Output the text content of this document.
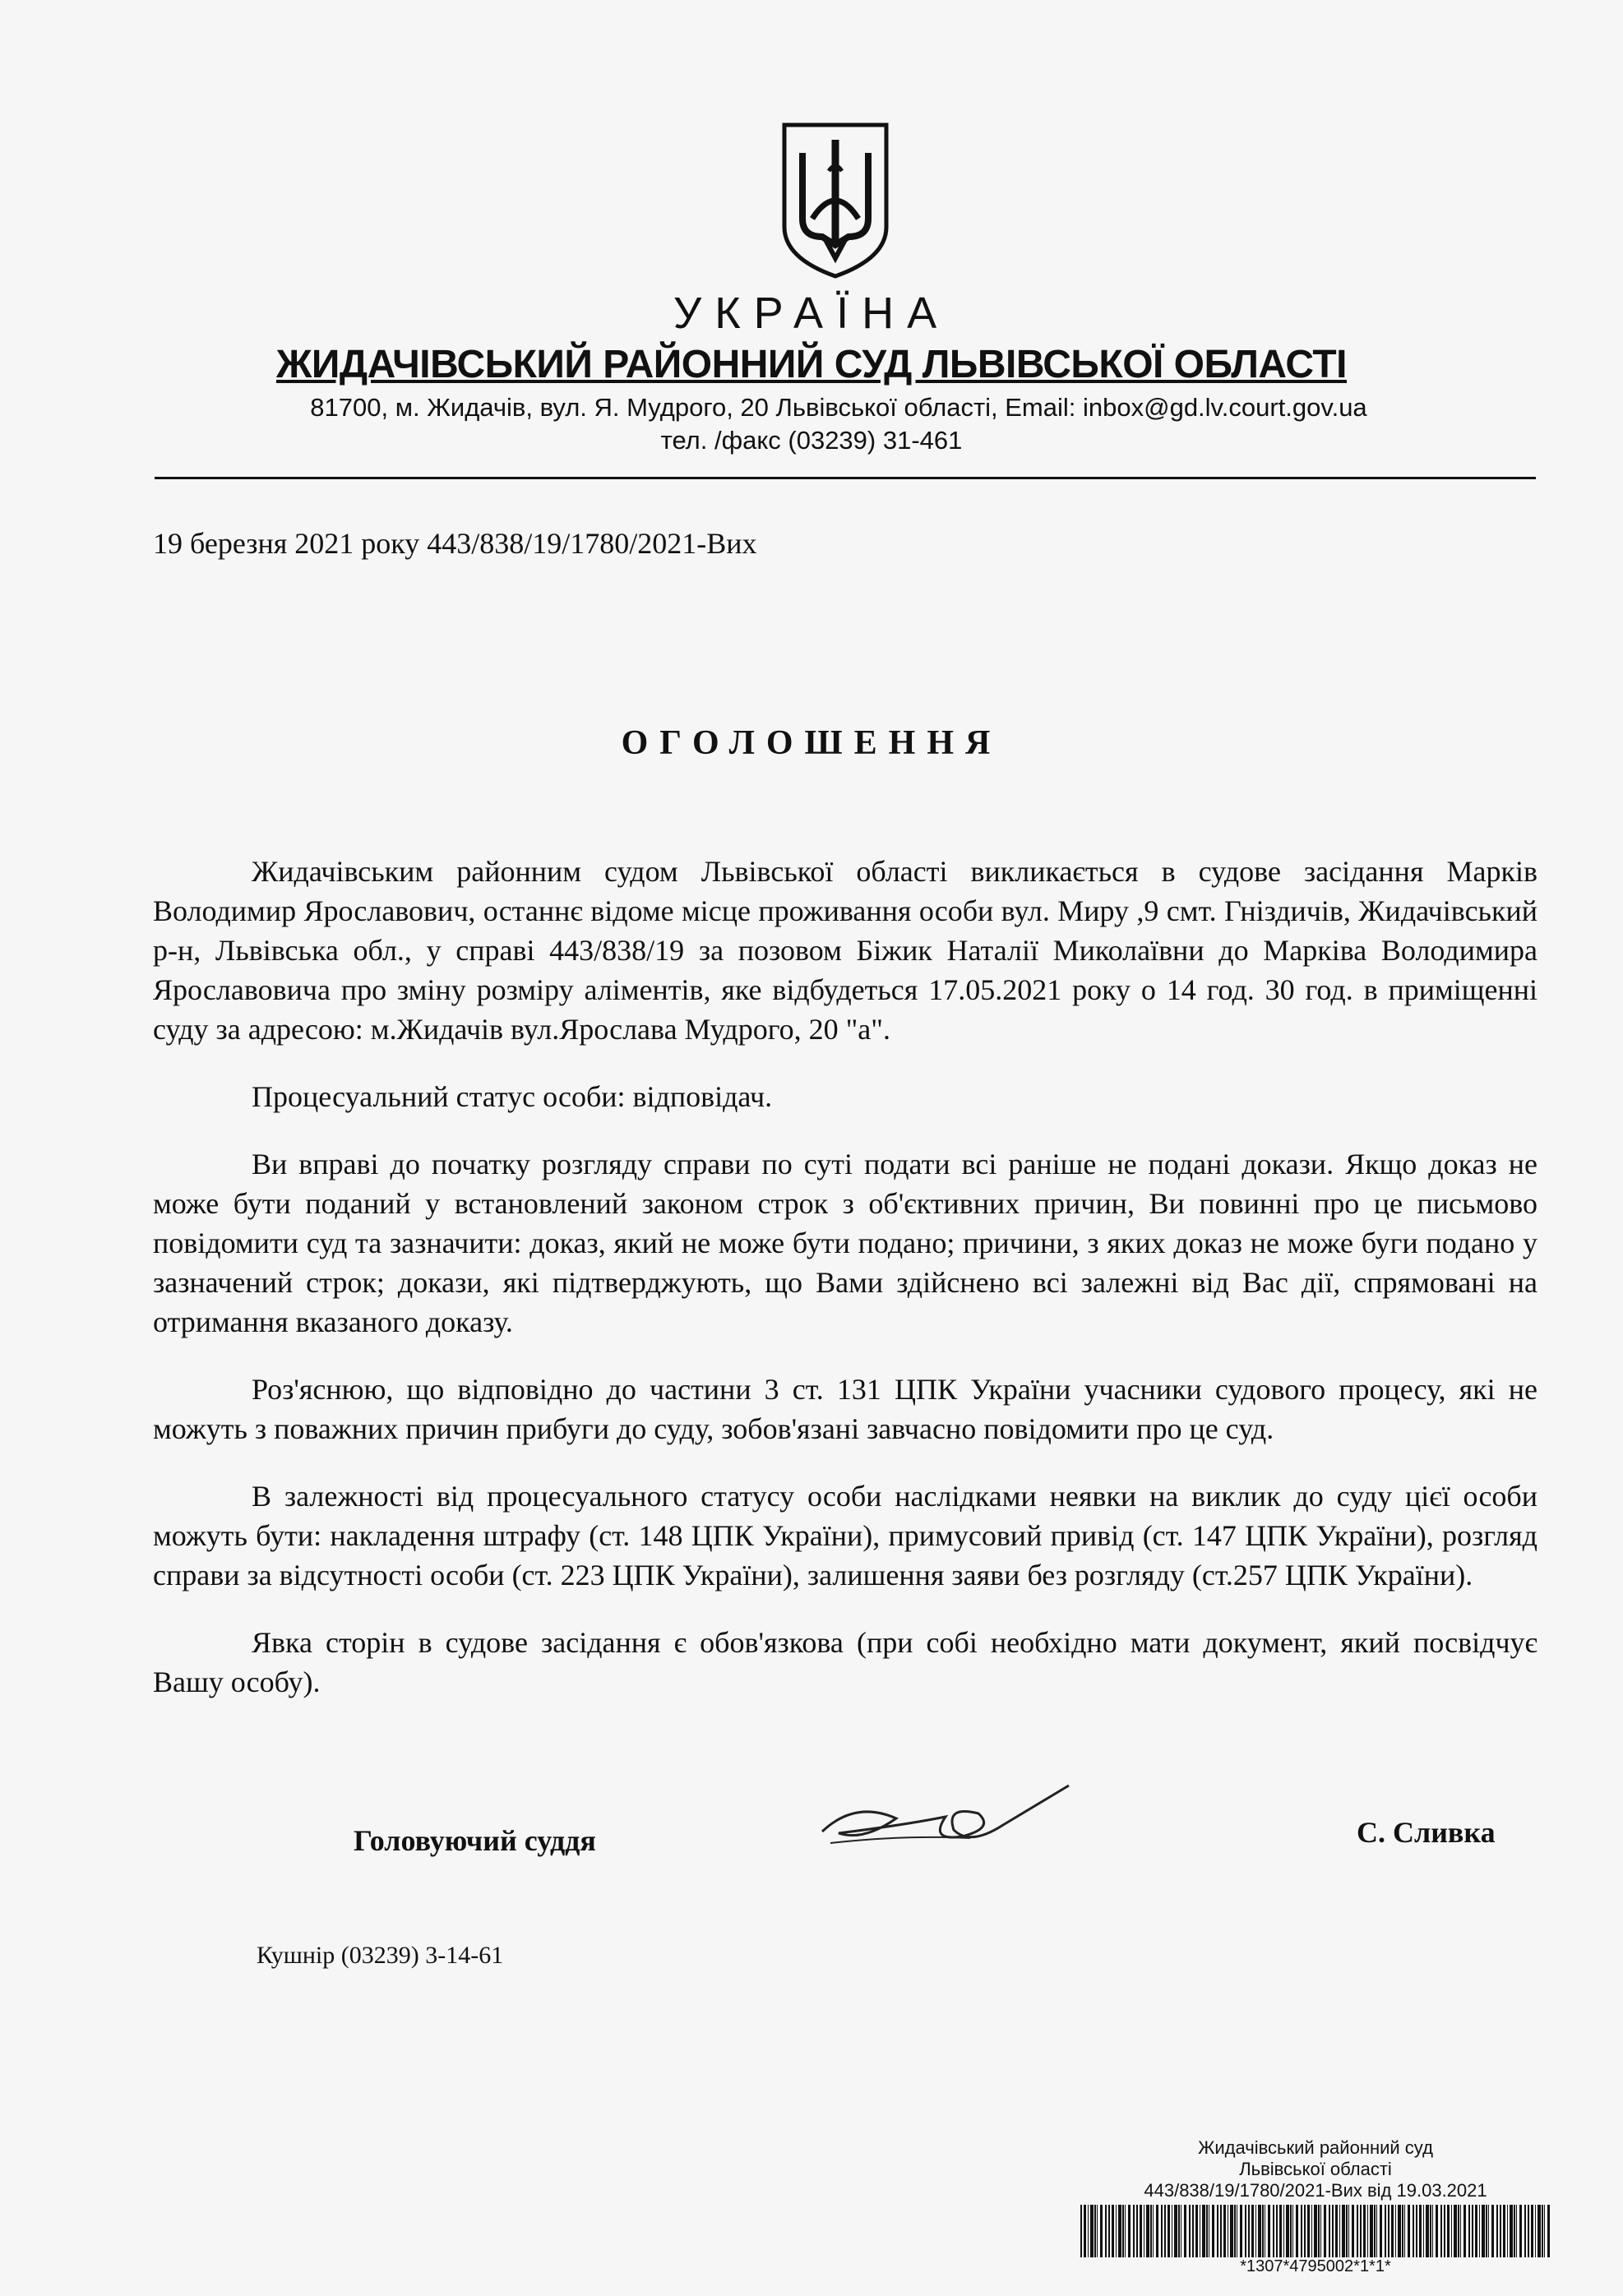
УКРАЇНА
ЖИДАЧІВСЬКИЙ РАЙОННИЙ СУД ЛЬВІВСЬКОЇ ОБЛАСТІ
81700, м. Жидачів, вул. Я. Мудрого, 20 Львівської області, Email: inbox@gd.lv.court.gov.ua
тел. /факс (03239) 31-461
19 березня 2021 року 443/838/19/1780/2021-Вих
ОГОЛОШЕННЯ

Жидачівським районним судом Львівської області викликається в судове засідання Марків Володимир Ярославович, останнє відоме місце проживання особи вул. Миру ,9 смт. Гніздичів, Жидачівський р-н, Львівська обл., у справі 443/838/19 за позовом Біжик Наталії Миколаївни до Марківа Володимира Ярославовича про зміну розміру аліментів, яке відбудеться 17.05.2021 року о 14 год. 30 год. в приміщенні суду за адресою: м.Жидачів вул.Ярослава Мудрого, 20 "а".

Процесуальний статус особи: відповідач.

Ви вправі до початку розгляду справи по суті подати всі раніше не подані докази. Якщо доказ не може бути поданий у встановлений законом строк з об'єктивних причин, Ви повинні про це письмово повідомити суд та зазначити: доказ, який не може бути подано; причини, з яких доказ не може буги подано у зазначений строк; докази, які підтверджують, що Вами здійснено всі залежні від Вас дії, спрямовані на отримання вказаного доказу.

Роз'яснюю, що відповідно до частини 3 ст. 131 ЦПК України учасники судового процесу, які не можуть з поважних причин прибуги до суду, зобов'язані завчасно повідомити про це суд.

В залежності від процесуального статусу особи наслідками неявки на виклик до суду цієї особи можуть бути: накладення штрафу (ст. 148 ЦПК України), примусовий привід (ст. 147 ЦПК України), розгляд справи за відсутності особи (ст. 223 ЦПК України), залишення заяви без розгляду (ст.257 ЦПК України).

Явка сторін в судове засідання є обов'язкова (при собі необхідно мати документ, який посвідчує Вашу особу).

Головуючий суддя	С. Сливка
Кушнір (03239) 3-14-61
Жидачівський районний суд
Львівської області
443/838/19/1780/2021-Вих від 19.03.2021
*1307*4795002*1*1*
